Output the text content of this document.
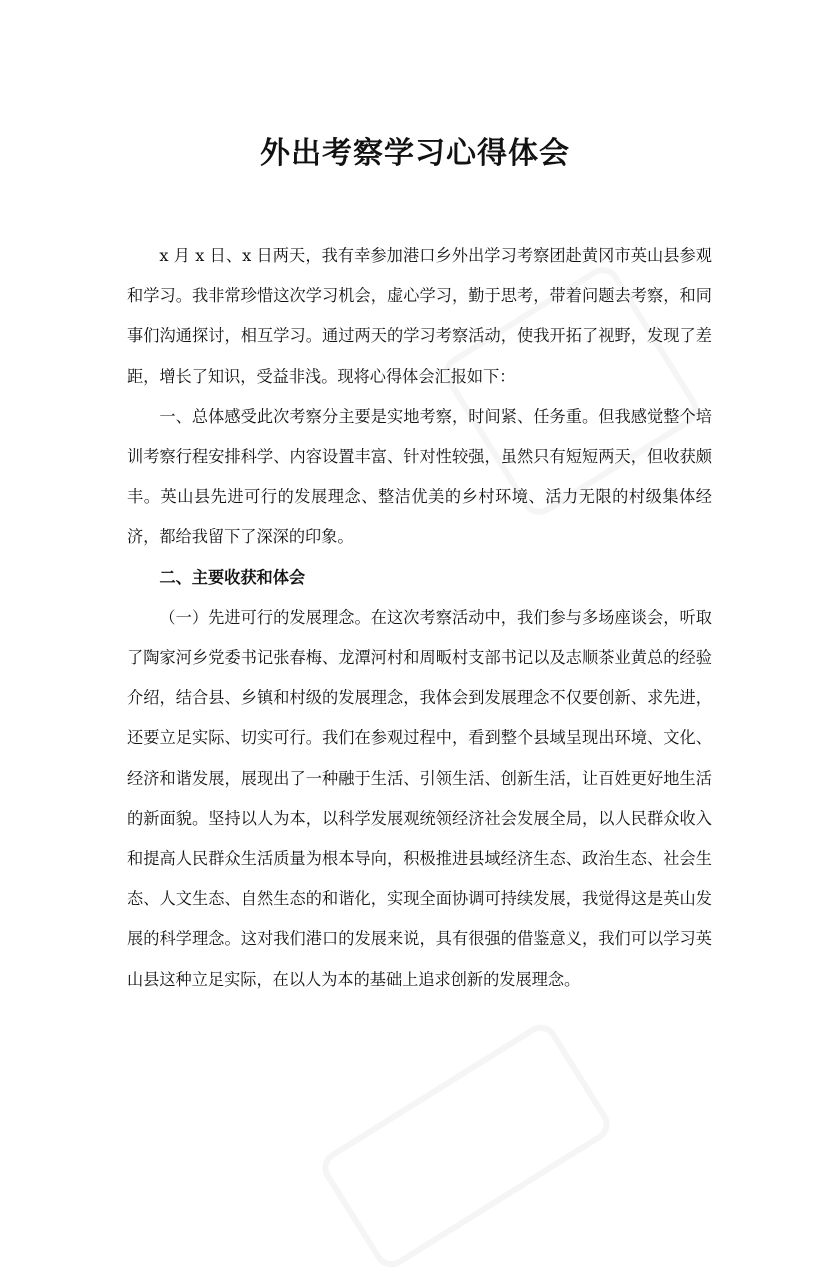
外出考察学习心得体会

x 月 x 日、x 日两天，我有幸参加港口乡外出学习考察团赴黄冈市英山县参观和学习。我非常珍惜这次学习机会，虚心学习，勤于思考，带着问题去考察，和同事们沟通探讨，相互学习。通过两天的学习考察活动，使我开拓了视野，发现了差距，增长了知识，受益非浅。现将心得体会汇报如下：

一、总体感受此次考察分主要是实地考察，时间紧、任务重。但我感觉整个培训考察行程安排科学、内容设置丰富、针对性较强，虽然只有短短两天，但收获颇丰。英山县先进可行的发展理念、整洁优美的乡村环境、活力无限的村级集体经济，都给我留下了深深的印象。

二、主要收获和体会

（一）先进可行的发展理念。在这次考察活动中，我们参与多场座谈会，听取了陶家河乡党委书记张春梅、龙潭河村和周畈村支部书记以及志顺茶业黄总的经验介绍，结合县、乡镇和村级的发展理念，我体会到发展理念不仅要创新、求先进，还要立足实际、切实可行。我们在参观过程中，看到整个县域呈现出环境、文化、经济和谐发展，展现出了一种融于生活、引领生活、创新生活，让百姓更好地生活的新面貌。坚持以人为本，以科学发展观统领经济社会发展全局，以人民群众收入和提高人民群众生活质量为根本导向，积极推进县域经济生态、政治生态、社会生态、人文生态、自然生态的和谐化，实现全面协调可持续发展，我觉得这是英山发展的科学理念。这对我们港口的发展来说，具有很强的借鉴意义，我们可以学习英山县这种立足实际，在以人为本的基础上追求创新的发展理念。
